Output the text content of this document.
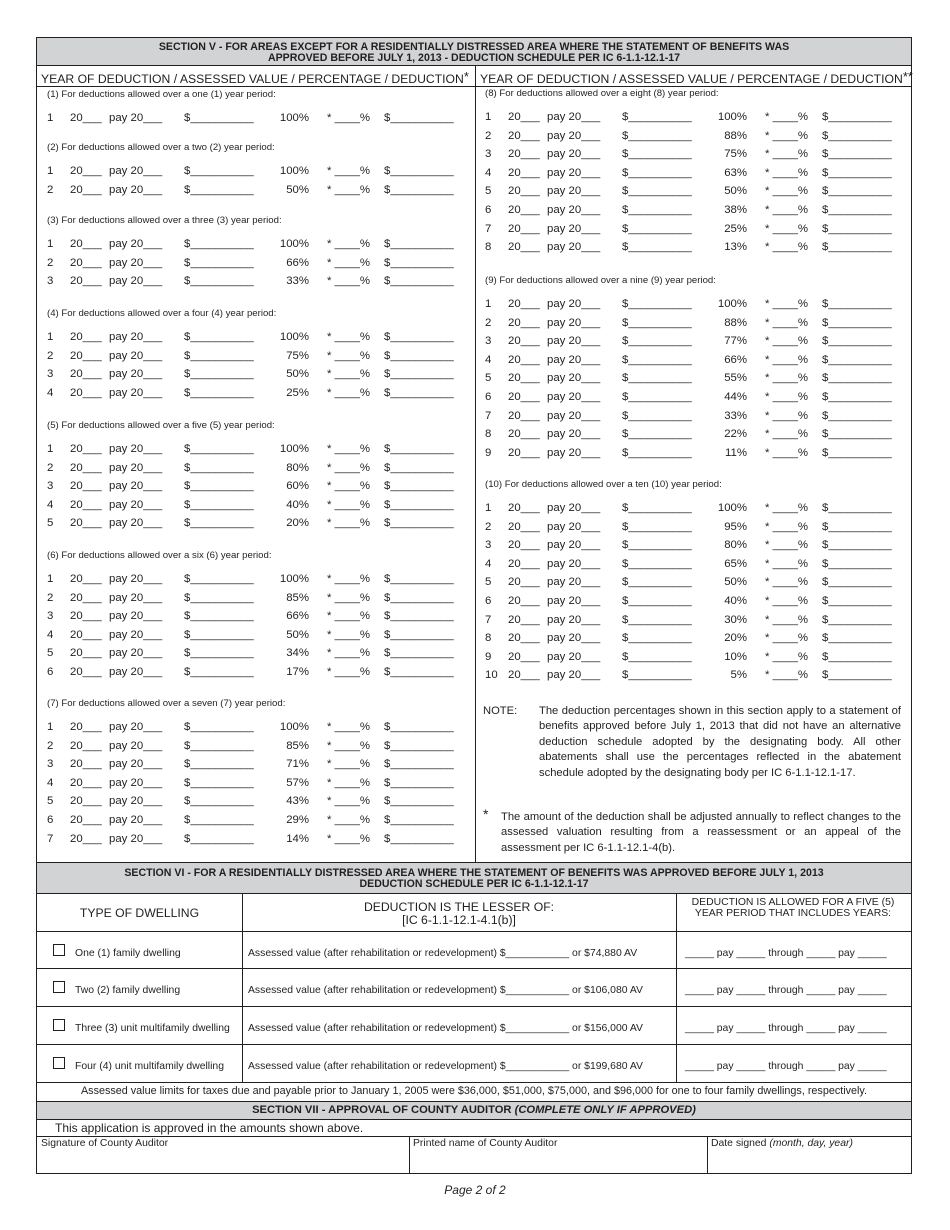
SECTION V - FOR AREAS EXCEPT FOR A RESIDENTIALLY DISTRESSED AREA WHERE THE STATEMENT OF BENEFITS WAS
APPROVED BEFORE JULY 1, 2013 - DEDUCTION SCHEDULE PER IC 6-1.1-12.1-17
YEAR OF DEDUCTION / ASSESSED VALUE / PERCENTAGE / DEDUCTION* YEAR OF DEDUCTION / ASSESSED VALUE / PERCENTAGE / DEDUCTION**
(1) For deductions allowed over a one (1) year period:
1 20___ pay 20___ $__________	100% * ____% $__________
(2) For deductions allowed over a two (2) year period:
1 20___ pay 20___ $__________	100% * ____% $__________
2 20___ pay 20___ $__________	50% * ____% $__________
(3) For deductions allowed over a three (3) year period:
1 20___ pay 20___ $__________	100% * ____% $__________
2 20___ pay 20___ $__________	66% * ____% $__________
3 20___ pay 20___ $__________	33% * ____% $__________
(4) For deductions allowed over a four (4) year period:
1 20___ pay 20___ $__________	100% * ____% $__________
2 20___ pay 20___ $__________	75% * ____% $__________
3 20___ pay 20___ $__________	50% * ____% $__________
4 20___ pay 20___ $__________	25% * ____% $__________
(5) For deductions allowed over a five (5) year period:
1 20___ pay 20___ $__________	100% * ____% $__________
2 20___ pay 20___ $__________	80% * ____% $__________
3 20___ pay 20___ $__________	60% * ____% $__________
4 20___ pay 20___ $__________	40% * ____% $__________
5 20___ pay 20___ $__________	20% * ____% $__________
(6) For deductions allowed over a six (6) year period:
1 20___ pay 20___ $__________	100% * ____% $__________
2 20___ pay 20___ $__________	85% * ____% $__________
3 20___ pay 20___ $__________	66% * ____% $__________
4 20___ pay 20___ $__________	50% * ____% $__________
5 20___ pay 20___ $__________	34% * ____% $__________
6 20___ pay 20___ $__________	17% * ____% $__________
(7) For deductions allowed over a seven (7) year period:
1 20___ pay 20___ $__________	100% * ____% $__________
2 20___ pay 20___ $__________	85% * ____% $__________
3 20___ pay 20___ $__________	71% * ____% $__________
4 20___ pay 20___ $__________	57% * ____% $__________
5 20___ pay 20___ $__________	43% * ____% $__________
6 20___ pay 20___ $__________	29% * ____% $__________
7 20___ pay 20___ $__________	14% * ____% $__________
(8) For deductions allowed over a eight (8) year period:
1 20___ pay 20___ $__________	100% * ____% $__________
2 20___ pay 20___ $__________	88% * ____% $__________
3 20___ pay 20___ $__________	75% * ____% $__________
4 20___ pay 20___ $__________	63% * ____% $__________
5 20___ pay 20___ $__________	50% * ____% $__________
6 20___ pay 20___ $__________	38% * ____% $__________
7 20___ pay 20___ $__________	25% * ____% $__________
8 20___ pay 20___ $__________	13% * ____% $__________
(9) For deductions allowed over a nine (9) year period:
1 20___ pay 20___ $__________	100% * ____% $__________
2 20___ pay 20___ $__________	88% * ____% $__________
3 20___ pay 20___ $__________	77% * ____% $__________
4 20___ pay 20___ $__________	66% * ____% $__________
5 20___ pay 20___ $__________	55% * ____% $__________
6 20___ pay 20___ $__________	44% * ____% $__________
7 20___ pay 20___ $__________	33% * ____% $__________
8 20___ pay 20___ $__________	22% * ____% $__________
9 20___ pay 20___ $__________	11% * ____% $__________
(10) For deductions allowed over a ten (10) year period:
1 20___ pay 20___ $__________	100% * ____% $__________
2 20___ pay 20___ $__________	95% * ____% $__________
3 20___ pay 20___ $__________	80% * ____% $__________
4 20___ pay 20___ $__________	65% * ____% $__________
5 20___ pay 20___ $__________	50% * ____% $__________
6 20___ pay 20___ $__________	40% * ____% $__________
7 20___ pay 20___ $__________	30% * ____% $__________
8 20___ pay 20___ $__________	20% * ____% $__________
9 20___ pay 20___ $__________	10% * ____% $__________
10 20___ pay 20___ $__________	5% * ____% $__________
NOTE:	The deduction percentages shown in this section apply to a statement of benefits approved before July 1, 2013 that did not have an alternative deduction schedule adopted by the designating body. All other abatements shall use the percentages reflected in the abatement schedule adopted by the designating body per IC 6-1.1-12.1-17.
* The amount of the deduction shall be adjusted annually to reflect changes to the assessed valuation resulting from a reassessment or an appeal of the assessment per IC 6-1.1-12.1-4(b).
SECTION VI - FOR A RESIDENTIALLY DISTRESSED AREA WHERE THE STATEMENT OF BENEFITS WAS APPROVED BEFORE JULY 1, 2013
DEDUCTION SCHEDULE PER IC 6-1.1-12.1-17
TYPE OF DWELLING	DEDUCTION IS THE LESSER OF:
[IC 6-1.1-12.1-4.1(b)]
DEDUCTION IS ALLOWED FOR A FIVE (5) YEAR PERIOD THAT INCLUDES YEARS:
One (1) family dwelling	Assessed value (after rehabilitation or redevelopment) $___________ or $74,880 AV	_____ pay _____ through _____ pay _____
Two (2) family dwelling	Assessed value (after rehabilitation or redevelopment) $___________ or $106,080 AV	_____ pay _____ through _____ pay _____
Three (3) unit multifamily dwelling Assessed value (after rehabilitation or redevelopment) $___________ or $156,000 AV	_____ pay _____ through _____ pay _____
Four (4) unit multifamily dwelling Assessed value (after rehabilitation or redevelopment) $___________ or $199,680 AV	_____ pay _____ through _____ pay _____
Assessed value limits for taxes due and payable prior to January 1, 2005 were $36,000, $51,000, $75,000, and $96,000 for one to four family dwellings, respectively.
SECTION VII - APPROVAL OF COUNTY AUDITOR (COMPLETE ONLY IF APPROVED)
This application is approved in the amounts shown above.
Signature of County Auditor	Printed name of County Auditor	Date signed (month, day, year)
Page 2 of 2
